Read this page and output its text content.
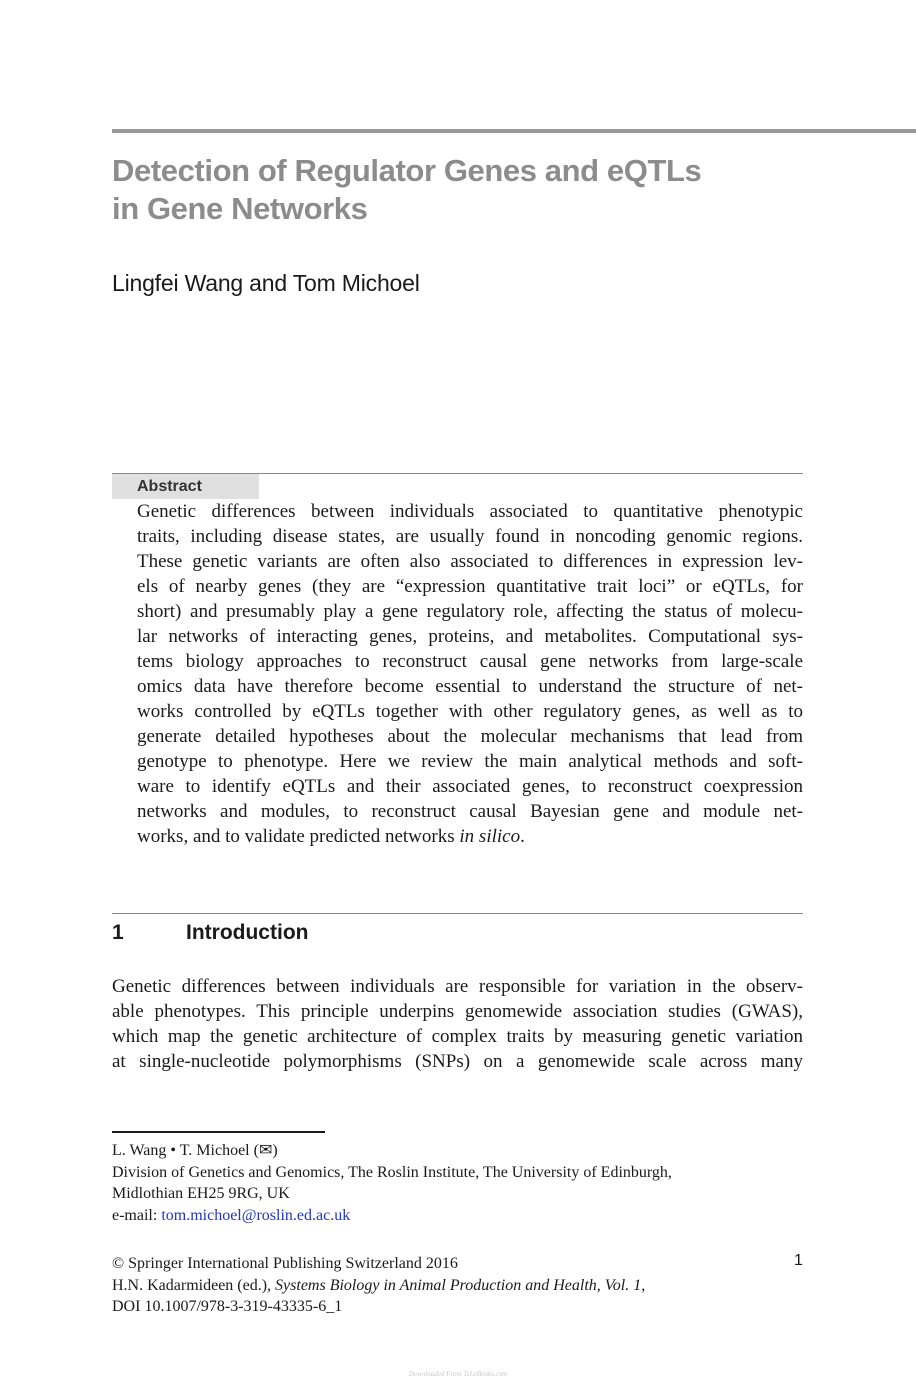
Detection of Regulator Genes and eQTLs
in Gene Networks
Lingfei Wang and Tom Michoel
Abstract
Genetic differences between individuals associated to quantitative phenotypic
traits, including disease states, are usually found in noncoding genomic regions.
These genetic variants are often also associated to differences in expression lev-
els of nearby genes (they are “expression quantitative trait loci” or eQTLs, for
short) and presumably play a gene regulatory role, affecting the status of molecu-
lar networks of interacting genes, proteins, and metabolites. Computational sys-
tems biology approaches to reconstruct causal gene networks from large-scale
omics data have therefore become essential to understand the structure of net-
works controlled by eQTLs together with other regulatory genes, as well as to
generate detailed hypotheses about the molecular mechanisms that lead from
genotype to phenotype. Here we review the main analytical methods and soft-
ware to identify eQTLs and their associated genes, to reconstruct coexpression
networks and modules, to reconstruct causal Bayesian gene and module net-
works, and to validate predicted networks in silico.
1	Introduction
Genetic differences between individuals are responsible for variation in the observ-
able phenotypes. This principle underpins genomewide association studies (GWAS),
which map the genetic architecture of complex traits by measuring genetic variation
at single-nucleotide polymorphisms (SNPs) on a genomewide scale across many
L. Wang • T. Michoel (✉)
Division of Genetics and Genomics, The Roslin Institute, The University of Edinburgh,
Midlothian EH25 9RG, UK
e-mail: tom.michoel@roslin.ed.ac.uk
© Springer International Publishing Switzerland 2016
H.N. Kadarmideen (ed.), Systems Biology in Animal Production and Health, Vol. 1,
DOI 10.1007/978-3-319-43335-6_1
1
Downloaded From TeLeBooks.com
